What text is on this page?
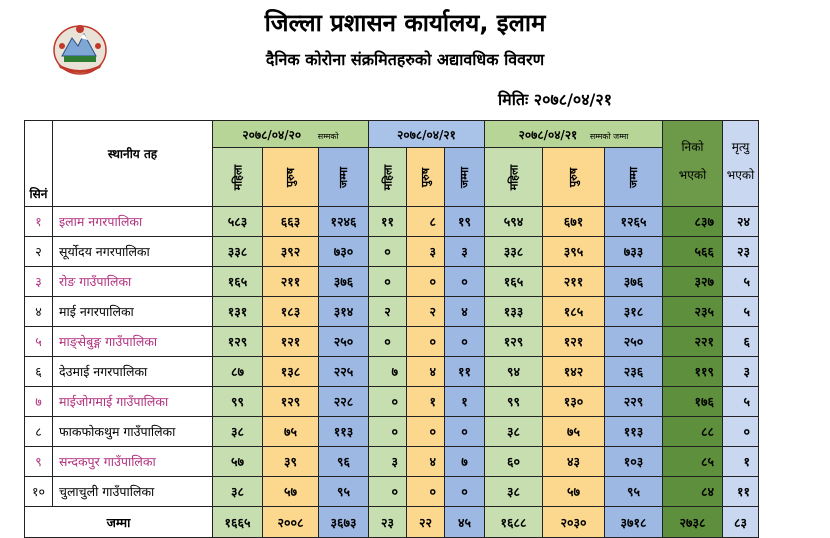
जिल्ला प्रशासन कार्यालय, इलाम
दैनिक कोरोना संक्रमितहरुको अद्यावधिक विवरण
मितिः २०७८/०४/२१
सिनं	स्थानीय तह	२०७८/०४/२० सम्मको			२०७८/०४/२१			२०७८/०४/२१ सम्मको जम्मा			निको भएको	मृत्यु भएको

		महिला	पुरुष	जम्मा	महिला	पुरुष	जम्मा	महिला	पुरुष	जम्मा		
१	इलाम नगरपालिका	५८३	६६३	१२४६	११	८	१९	५९४	६७१	१२६५	८३७	२४
२	सूर्योदय नगरपालिका	३३८	३९२	७३०	०	३	३	३३८	३९५	७३३	५६६	२३
३	रोङ गाउँपालिका	१६५	२११	३७६	०	०	०	१६५	२११	३७६	३२७	५
४	माई नगरपालिका	१३१	१८३	३१४	२	२	४	१३३	१८५	३१८	२३५	५
५	माङ्सेबुङ्ग गाउँपालिका	१२९	१२१	२५०	०	०	०	१२९	१२१	२५०	२२१	६
६	देउमाई नगरपालिका	८७	१३८	२२५	७	४	११	९४	१४२	२३६	११९	३
७	माईजोगमाई गाउँपालिका	९९	१२९	२२८	०	१	१	९९	१३०	२२९	१७६	५
८	फाकफोकथुम गाउँपालिका	३८	७५	११३	०	०	०	३८	७५	११३	८८	०
९	सन्दकपुर गाउँपालिका	५७	३९	९६	३	४	७	६०	४३	१०३	८५	१
१०	चुलाचुली गाउँपालिका	३८	५७	९५	०	०	०	३८	५७	९५	८४	११
जम्मा		१६६५	२००८	३६७३	२३	२२	४५	१६८८	२०३०	३७१८	२७३८	८३
